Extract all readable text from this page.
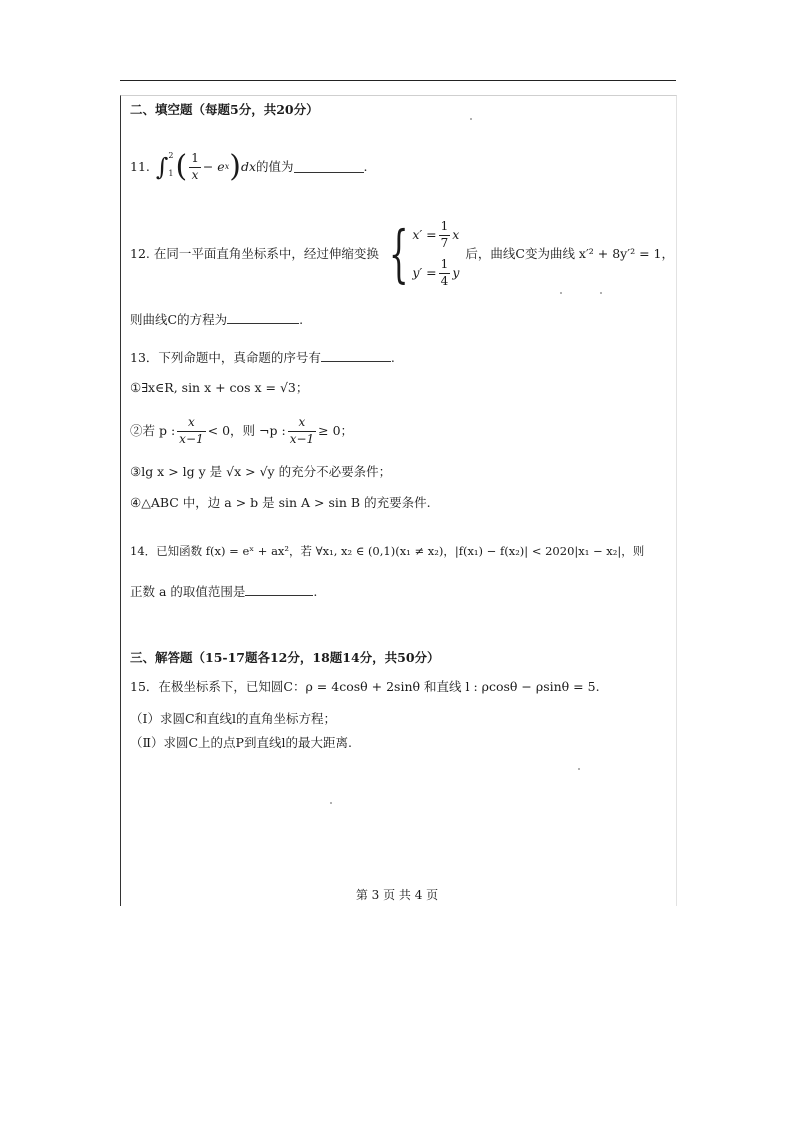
二、填空题（每题5分，共20分）
11. ∫ 2
1 ( $\frac{1}{x} - e$ x ) dx 的值为	.
12. 在同一平面直角坐标系中，经过伸缩变换 { $x' = \frac{1}{7}$ x
$y' = \frac{1}{4}$ y
后，曲线C变为曲线 x′² + 8y′² = 1，
则曲线C的方程为	.
13．下列命题中，真命题的序号有	.
①∃x∈R, sin x + cos x = √3；
②若 p : $\frac{x}{x-1} < 0$，则 ¬p : $\frac{x}{x-1} \ge 0$；
③lg x > lg y 是 √x > √y 的充分不必要条件；
④△ABC 中，边 a > b 是 sin A > sin B 的充要条件.
14．已知函数 f(x) = eˣ + ax²，若 ∀x₁, x₂ ∈ (0,1)(x₁ ≠ x₂)，|f(x₁) − f(x₂)| < 2020|x₁ − x₂|，则
正数 a 的取值范围是	.
三、解答题（15-17题各12分，18题14分，共50分）
15．在极坐标系下，已知圆C：ρ = 4cosθ + 2sinθ 和直线 l : ρcosθ − ρsinθ = 5.
（Ⅰ）求圆C和直线l的直角坐标方程；
（Ⅱ）求圆C上的点P到直线l的最大距离.
第 3 页 共 4 页
